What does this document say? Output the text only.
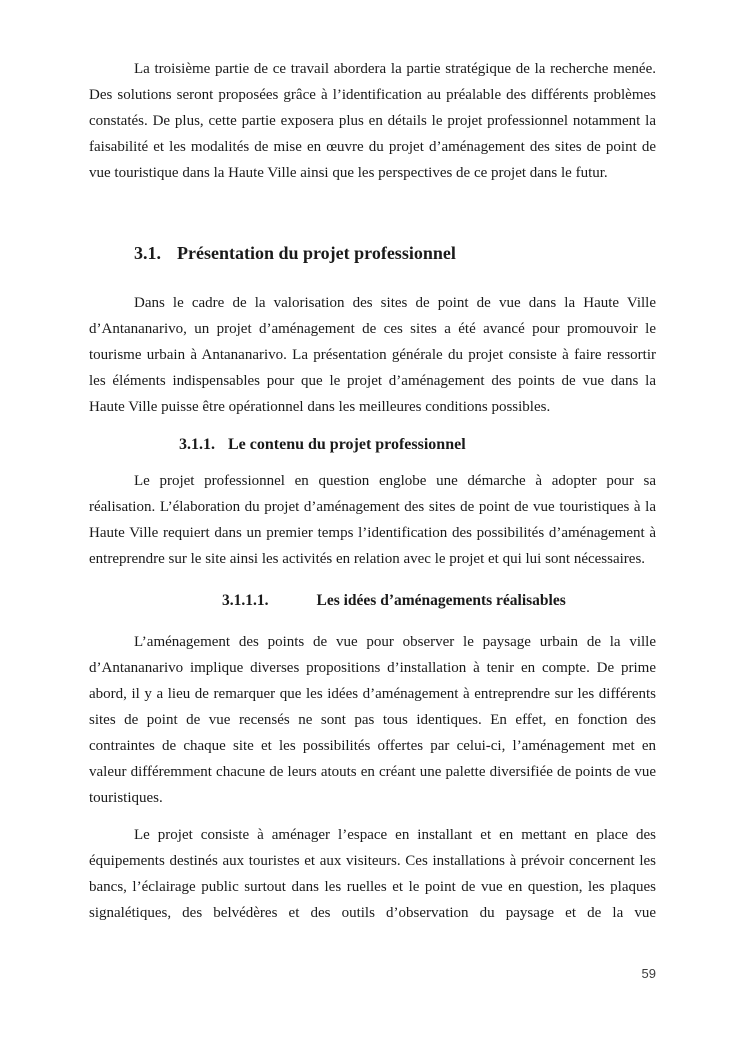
La troisième partie de ce travail abordera la partie stratégique de la recherche menée.
Des solutions seront proposées grâce à l’identification au préalable des différents problèmes
constatés. De plus, cette partie exposera plus en détails le projet professionnel notamment la
faisabilité et les modalités de mise en œuvre du projet d’aménagement des sites de point de
vue touristique dans la Haute Ville ainsi que les perspectives de ce projet dans le futur.
3.1. Présentation du projet professionnel
Dans le cadre de la valorisation des sites de point de vue dans la Haute Ville
d’Antananarivo, un projet d’aménagement de ces sites a été avancé pour promouvoir le
tourisme urbain à Antananarivo. La présentation générale du projet consiste à faire ressortir
les éléments indispensables pour que le projet d’aménagement des points de vue dans la
Haute Ville puisse être opérationnel dans les meilleures conditions possibles.
3.1.1. Le contenu du projet professionnel
Le projet professionnel en question englobe une démarche à adopter pour sa
réalisation. L’élaboration du projet d’aménagement des sites de point de vue touristiques à la
Haute Ville requiert dans un premier temps l’identification des possibilités d’aménagement à
entreprendre sur le site ainsi les activités en relation avec le projet et qui lui sont nécessaires.
3.1.1.1.	Les idées d’aménagements réalisables
L’aménagement des points de vue pour observer le paysage urbain de la ville
d’Antananarivo implique diverses propositions d’installation à tenir en compte. De prime
abord, il y a lieu de remarquer que les idées d’aménagement à entreprendre sur les différents
sites de point de vue recensés ne sont pas tous identiques. En effet, en fonction des
contraintes de chaque site et les possibilités offertes par celui-ci, l’aménagement met en
valeur différemment chacune de leurs atouts en créant une palette diversifiée de points de vue
touristiques.
Le projet consiste à aménager l’espace en installant et en mettant en place des
équipements destinés aux touristes et aux visiteurs. Ces installations à prévoir concernent les
bancs, l’éclairage public surtout dans les ruelles et le point de vue en question, les plaques
signalétiques, des belvédères et des outils d’observation du paysage et de la vue
59
